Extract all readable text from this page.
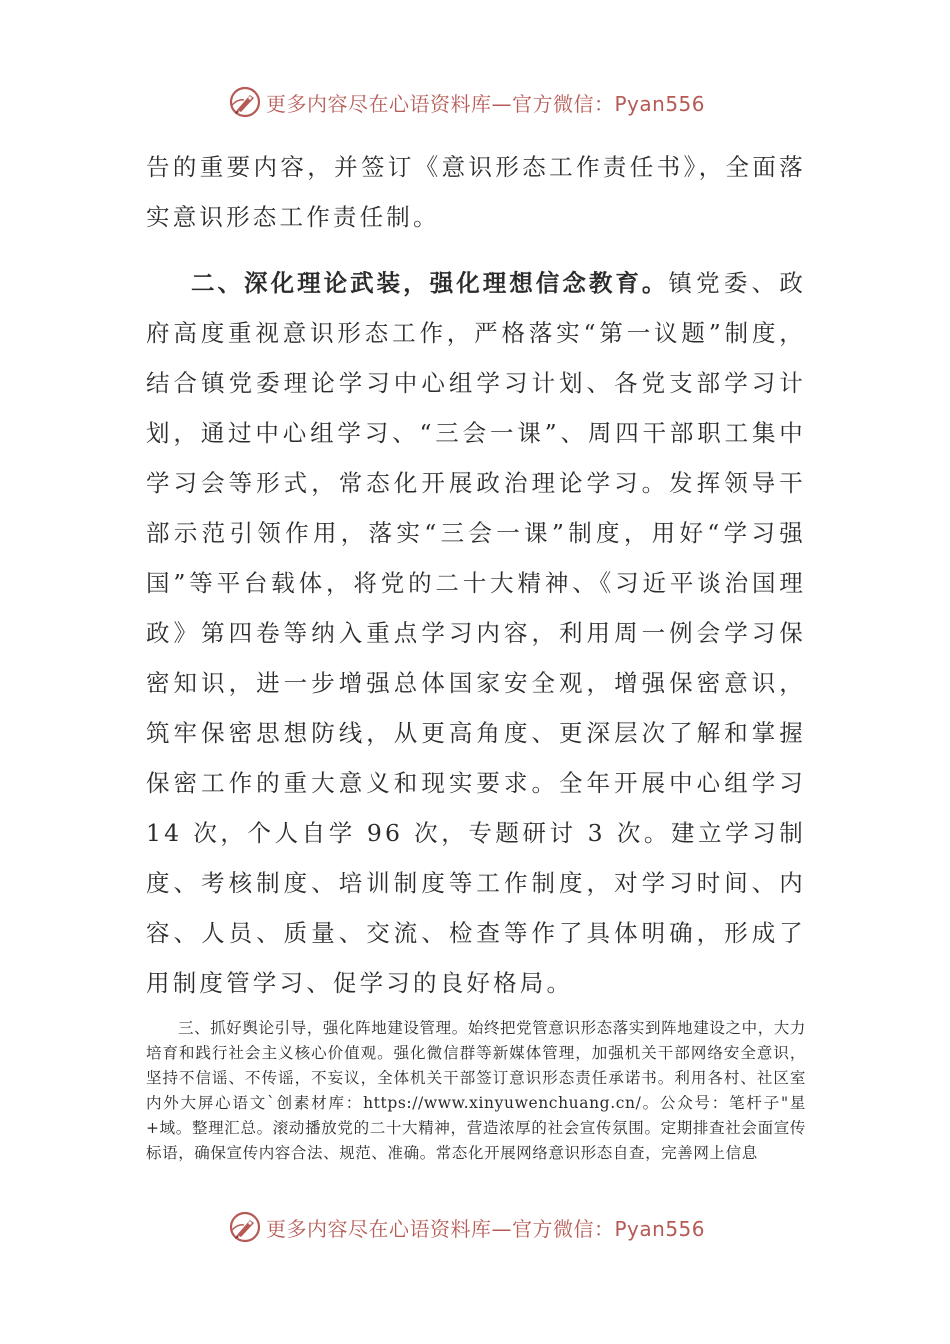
更多内容尽在心语资料库—官方微信：Pyan556

告的重要内容，并签订《意识形态工作责任书》，全面落实意识形态工作责任制。

二、深化理论武装，强化理想信念教育。镇党委、政府高度重视意识形态工作，严格落实“第一议题”制度，结合镇党委理论学习中心组学习计划、各党支部学习计划，通过中心组学习、“三会一课”、周四干部职工集中学习会等形式，常态化开展政治理论学习。发挥领导干部示范引领作用，落实“三会一课”制度，用好“学习强国”等平台载体，将党的二十大精神、《习近平谈治国理政》第四卷等纳入重点学习内容，利用周一例会学习保密知识，进一步增强总体国家安全观，增强保密意识，筑牢保密思想防线，从更高角度、更深层次了解和掌握保密工作的重大意义和现实要求。全年开展中心组学习 14 次，个人自学 96 次，专题研讨 3 次。建立学习制度、考核制度、培训制度等工作制度，对学习时间、内容、人员、质量、交流、检查等作了具体明确，形成了用制度管学习、促学习的良好格局。

三、抓好舆论引导，强化阵地建设管理。始终把党管意识形态落实到阵地建设之中，大力培育和践行社会主义核心价值观。强化微信群等新媒体管理，加强机关干部网络安全意识，坚持不信谣、不传谣，不妄议，全体机关干部签订意识形态责任承诺书。利用各村、社区室内外大屏心语文`创素材库：https://www.xinyuwenchuang.cn/。公众号：笔杆子"星+域。整理汇总。滚动播放党的二十大精神，营造浓厚的社会宣传氛围。定期排查社会面宣传标语，确保宣传内容合法、规范、准确。常态化开展网络意识形态自查，完善网上信息

更多内容尽在心语资料库—官方微信：Pyan556
